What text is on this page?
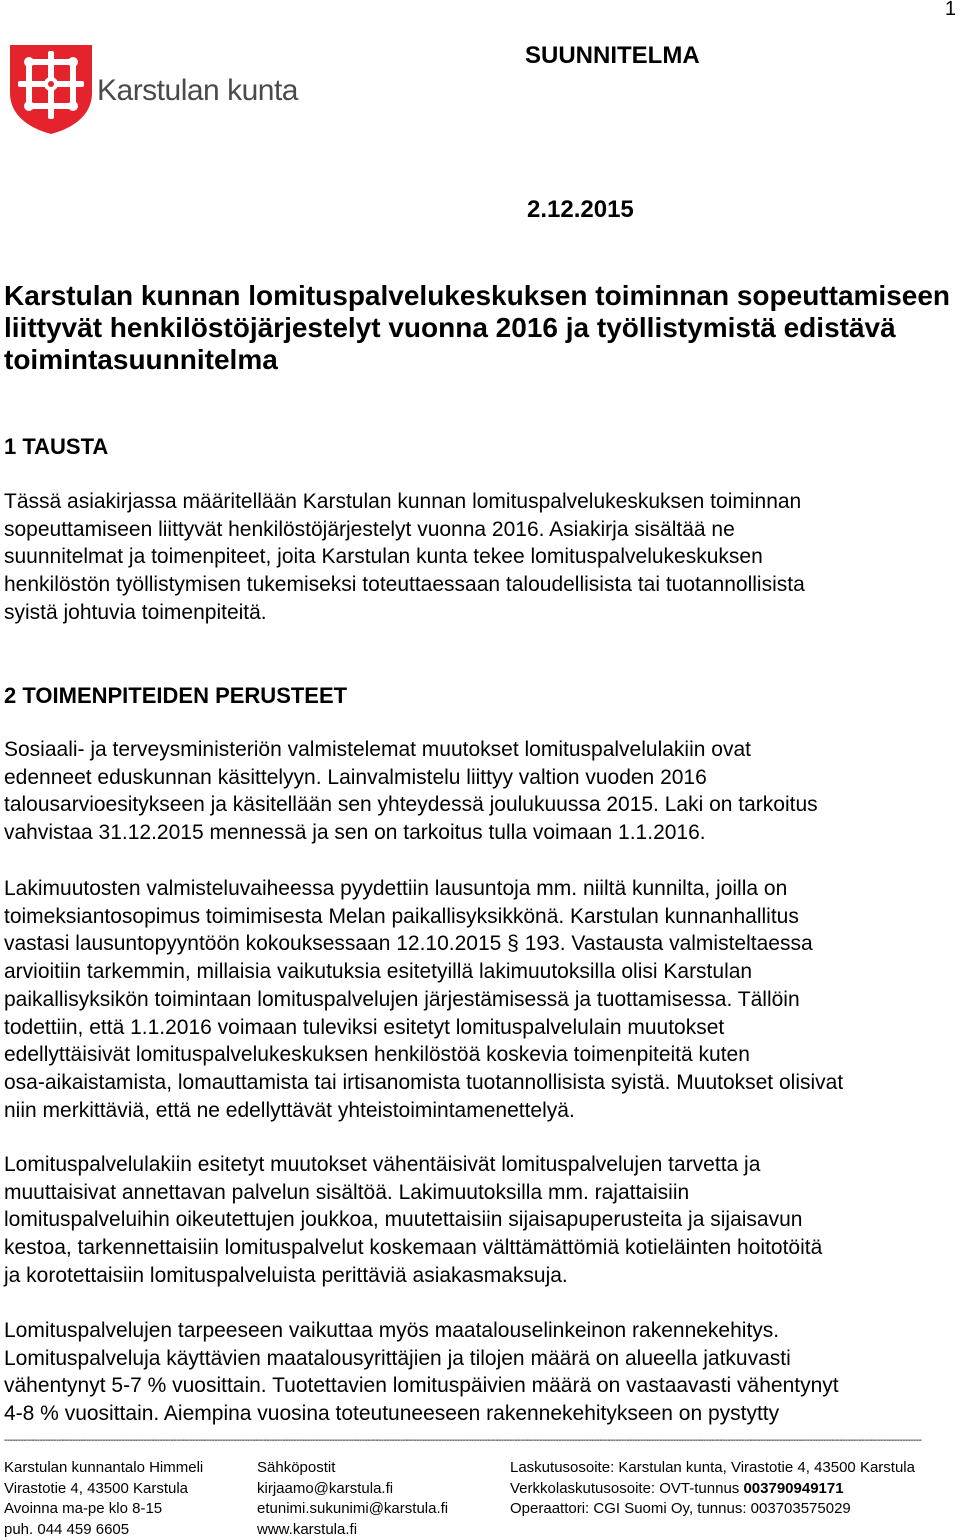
1
Karstulan kunta
SUUNNITELMA
2.12.2015
Karstulan kunnan lomituspalvelukeskuksen toiminnan sopeuttamiseen liittyvät henkilöstöjärjestelyt vuonna 2016 ja työllistymistä edistävä toimintasuunnitelma
1 TAUSTA
Tässä asiakirjassa määritellään Karstulan kunnan lomituspalvelukeskuksen toiminnan
sopeuttamiseen liittyvät henkilöstöjärjestelyt vuonna 2016. Asiakirja sisältää ne
suunnitelmat ja toimenpiteet, joita Karstulan kunta tekee lomituspalvelukeskuksen
henkilöstön työllistymisen tukemiseksi toteuttaessaan taloudellisista tai tuotannollisista
syistä johtuvia toimenpiteitä.
2 TOIMENPITEIDEN PERUSTEET
Sosiaali- ja terveysministeriön valmistelemat muutokset lomituspalvelulakiin ovat
edenneet eduskunnan käsittelyyn. Lainvalmistelu liittyy valtion vuoden 2016
talousarvioesitykseen ja käsitellään sen yhteydessä joulukuussa 2015. Laki on tarkoitus
vahvistaa 31.12.2015 mennessä ja sen on tarkoitus tulla voimaan 1.1.2016.
Lakimuutosten valmisteluvaiheessa pyydettiin lausuntoja mm. niiltä kunnilta, joilla on
toimeksiantosopimus toimimisesta Melan paikallisyksikkönä. Karstulan kunnanhallitus
vastasi lausuntopyyntöön kokouksessaan 12.10.2015 § 193. Vastausta valmisteltaessa
arvioitiin tarkemmin, millaisia vaikutuksia esitetyillä lakimuutoksilla olisi Karstulan
paikallisyksikön toimintaan lomituspalvelujen järjestämisessä ja tuottamisessa. Tällöin
todettiin, että 1.1.2016 voimaan tuleviksi esitetyt lomituspalvelulain muutokset
edellyttäisivät lomituspalvelukeskuksen henkilöstöä koskevia toimenpiteitä kuten
osa-aikaistamista, lomauttamista tai irtisanomista tuotannollisista syistä. Muutokset olisivat
niin merkittäviä, että ne edellyttävät yhteistoimintamenettelyä.
Lomituspalvelulakiin esitetyt muutokset vähentäisivät lomituspalvelujen tarvetta ja
muuttaisivat annettavan palvelun sisältöä. Lakimuutoksilla mm. rajattaisiin
lomituspalveluihin oikeutettujen joukkoa, muutettaisiin sijaisapuperusteita ja sijaisavun
kestoa, tarkennettaisiin lomituspalvelut koskemaan välttämättömiä kotieläinten hoitotöitä
ja korotettaisiin lomituspalveluista perittäviä asiakasmaksuja.
Lomituspalvelujen tarpeeseen vaikuttaa myös maatalouselinkeinon rakennekehitys.
Lomituspalveluja käyttävien maatalousyrittäjien ja tilojen määrä on alueella jatkuvasti
vähentynyt 5-7 % vuosittain. Tuotettavien lomituspäivien määrä on vastaavasti vähentynyt
4-8 % vuosittain. Aiempina vuosina toteutuneeseen rakennekehitykseen on pystytty
------------------------------------------------------------------------------------------------------------------------------------------------------------------------------------------------------------------------------------------------------------------------------------------------------------------------------------------------
Karstulan kunnantalo Himmeli
Virastotie 4, 43500 Karstula
Avoinna ma-pe klo 8-15
puh. 044 459 6605
Sähköpostit
kirjaamo@karstula.fi
etunimi.sukunimi@karstula.fi
www.karstula.fi
Laskutusosoite: Karstulan kunta, Virastotie 4, 43500 Karstula
Verkkolaskutusosoite: OVT-tunnus 003790949171
Operaattori: CGI Suomi Oy, tunnus: 003703575029
